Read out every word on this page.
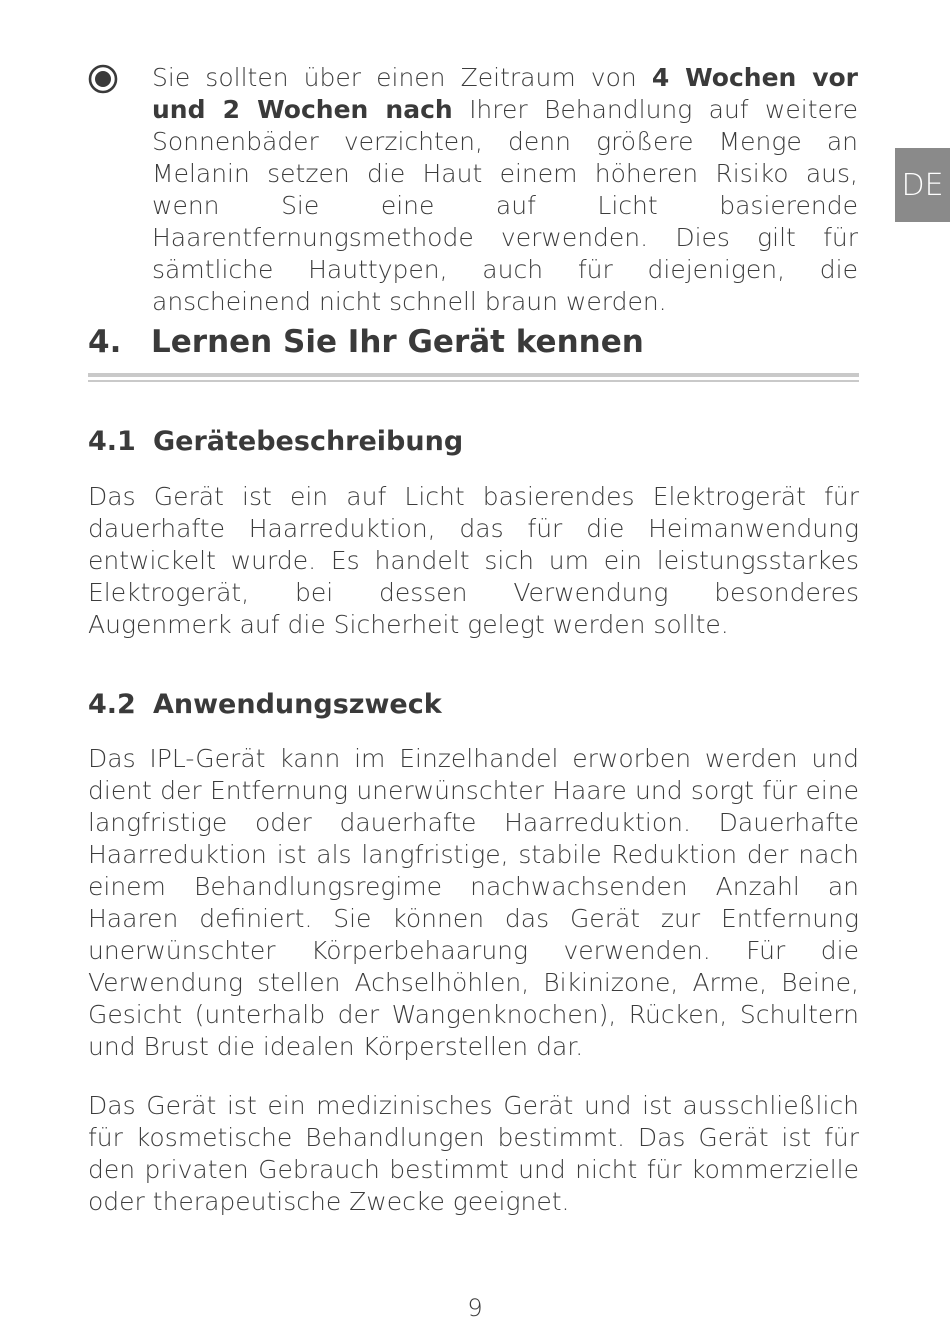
DE
Sie sollten über einen Zeitraum von 4 Wochen vor und 2 Wochen nach Ihrer Behandlung auf weitere Sonnenbäder verzichten, denn größere Menge an Melanin setzen die Haut einem höheren Risiko aus, wenn Sie eine auf Licht basierende Haarentfernungsmethode verwenden. Dies gilt für sämtliche Hauttypen, auch für diejenigen, die anscheinend nicht schnell braun werden.
4. Lernen Sie Ihr Gerät kennen
4.1 Gerätebeschreibung
Das Gerät ist ein auf Licht basierendes Elektrogerät für dauerhafte Haarreduktion, das für die Heimanwendung entwickelt wurde. Es handelt sich um ein leistungsstarkes Elektrogerät, bei dessen Verwendung besonderes Augenmerk auf die Sicherheit gelegt werden sollte.
4.2 Anwendungszweck
Das IPL-Gerät kann im Einzelhandel erworben werden und dient der Entfernung unerwünschter Haare und sorgt für eine langfristige oder dauerhafte Haarreduktion. Dauerhafte Haarreduktion ist als langfristige, stabile Reduktion der nach einem Behandlungsregime nachwachsenden Anzahl an Haaren definiert. Sie können das Gerät zur Entfernung unerwünschter Körperbehaarung verwenden. Für die Verwendung stellen Achselhöhlen, Bikinizone, Arme, Beine, Gesicht (unterhalb der Wangenknochen), Rücken, Schultern und Brust die idealen Körperstellen dar.
Das Gerät ist ein medizinisches Gerät und ist ausschließlich für kosmetische Behandlungen bestimmt. Das Gerät ist für den privaten Gebrauch bestimmt und nicht für kommerzielle oder therapeutische Zwecke geeignet.
9
